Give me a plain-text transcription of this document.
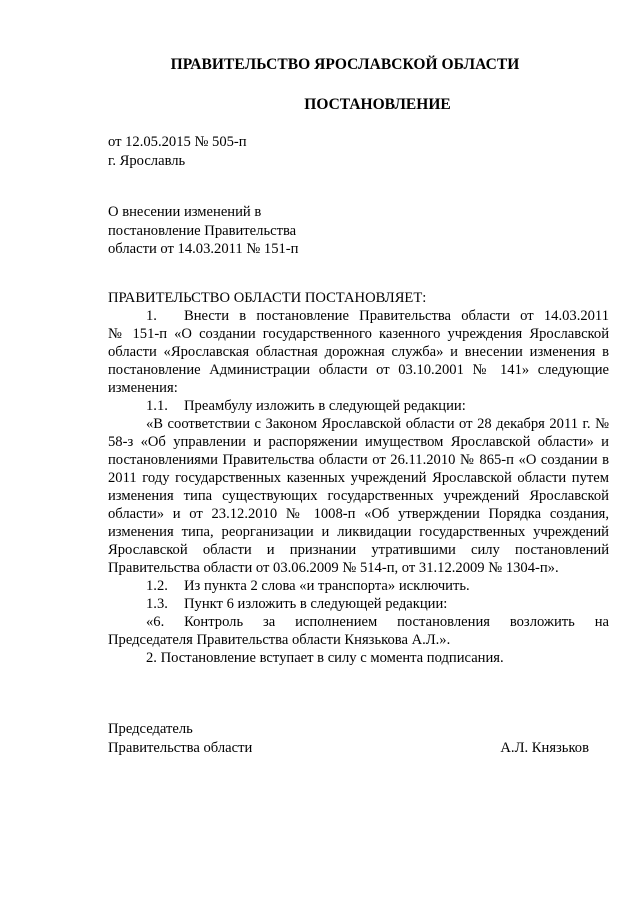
ПРАВИТЕЛЬСТВО ЯРОСЛАВСКОЙ ОБЛАСТИ
ПОСТАНОВЛЕНИЕ
от 12.05.2015 № 505-п
г. Ярославль
О внесении изменений в
постановление Правительства
области от 14.03.2011 № 151-п

ПРАВИТЕЛЬСТВО ОБЛАСТИ ПОСТАНОВЛЯЕТ:

1. Внести в постановление Правительства области от 14.03.2011

№ 151-п «О создании государственного казенного учреждения Ярославской области «Ярославская областная дорожная служба» и внесении изменения в постановление Администрации области от 03.10.2001 № 141» следующие изменения:

1.1. Преамбулу изложить в следующей редакции:

«В соответствии с Законом Ярославской области от 28 декабря 2011 г. № 58-з «Об управлении и распоряжении имуществом Ярославской области» и постановлениями Правительства области от 26.11.2010 № 865-п «О создании в 2011 году государственных казенных учреждений Ярославской области путем изменения типа существующих государственных учреждений Ярославской области» и от 23.12.2010 № 1008-п «Об утверждении Порядка создания, изменения типа, реорганизации и ликвидации государственных учреждений Ярославской области и признании утратившими силу постановлений Правительства области от 03.06.2009 № 514-п, от 31.12.2009 № 1304-п».

1.2. Из пункта 2 слова «и транспорта» исключить.

1.3. Пункт 6 изложить в следующей редакции:

«6. Контроль за исполнением постановления возложить на

Председателя Правительства области Князькова А.Л.».

2. Постановление вступает в силу с момента подписания.

Председатель
Правительства области	А.Л. Князьков
